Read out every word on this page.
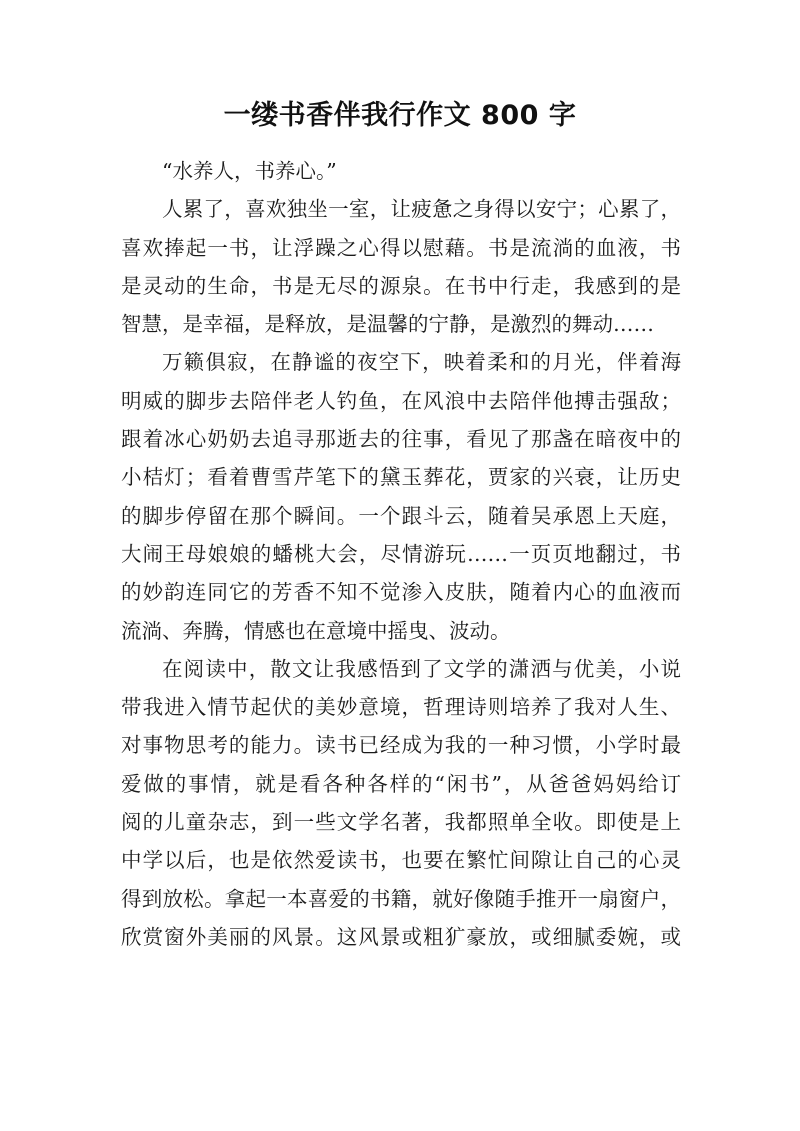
一缕书香伴我行作文 800 字
“水养人，书养心。”
人累了，喜欢独坐一室，让疲惫之身得以安宁；心累了，
喜欢捧起一书，让浮躁之心得以慰藉。书是流淌的血液，书
是灵动的生命，书是无尽的源泉。在书中行走，我感到的是
智慧，是幸福，是释放，是温馨的宁静，是激烈的舞动……
万籁俱寂，在静谧的夜空下，映着柔和的月光，伴着海
明威的脚步去陪伴老人钓鱼，在风浪中去陪伴他搏击强敌；
跟着冰心奶奶去追寻那逝去的往事，看见了那盏在暗夜中的
小桔灯；看着曹雪芹笔下的黛玉葬花，贾家的兴衰，让历史
的脚步停留在那个瞬间。一个跟斗云，随着吴承恩上天庭，
大闹王母娘娘的蟠桃大会，尽情游玩……一页页地翻过，书
的妙韵连同它的芳香不知不觉渗入皮肤，随着内心的血液而
流淌、奔腾，情感也在意境中摇曳、波动。
在阅读中，散文让我感悟到了文学的潇洒与优美，小说
带我进入情节起伏的美妙意境，哲理诗则培养了我对人生、
对事物思考的能力。读书已经成为我的一种习惯，小学时最
爱做的事情，就是看各种各样的“闲书”，从爸爸妈妈给订
阅的儿童杂志，到一些文学名著，我都照单全收。即使是上
中学以后，也是依然爱读书，也要在繁忙间隙让自己的心灵
得到放松。拿起一本喜爱的书籍，就好像随手推开一扇窗户，
欣赏窗外美丽的风景。这风景或粗犷豪放，或细腻委婉，或
